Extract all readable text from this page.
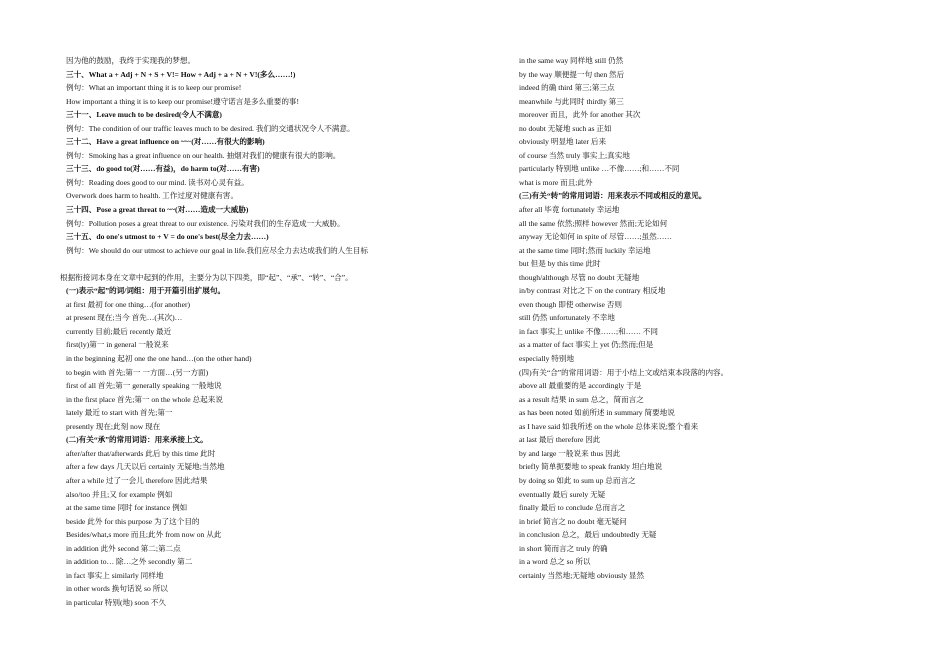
因为他的鼓励，我终于实现我的梦想。
三十、What a + Adj + N + S + V!= How + Adj + a + N + V!(多么……!)
例句：What an important thing it is to keep our promise!
How important a thing it is to keep our promise!遵守诺言是多么重要的事!
三十一、Leave much to be desired(令人不满意)
例句：The condition of our traffic leaves much to be desired. 我们的交通状况令人不满意。
三十二、Have a great influence on ~~·(对……有很大的影响)
例句：Smoking has a great influence on our health. 抽烟对我们的健康有很大的影响。
三十三、do good to(对……有益)，do harm to(对……有害)
例句：Reading does good to our mind. 读书对心灵有益。
Overwork does harm to health. 工作过度对健康有害。
三十四、Pose a great threat to ~~(对……造成一大威胁)
例句：Pollution poses a great threat to our existence. 污染对我们的生存造成一大威胁。
三十五、do one's utmost to + V = do one's best(尽全力去……)
例句：We should do our utmost to achieve our goal in life.我们应尽全力去达成我们的人生目标
根据衔接词本身在文章中起到的作用，主要分为以下四类，即“起”、“承”、“转”、“合”。
(一)表示“起”的词/词组：用于开篇引出扩展句。
at first 最初 for one thing…(for another)
at present 现在;当今 首先…(其次)…
currently 目前;最后 recently 最近
first(ly)第一 in general 一般说来
in the beginning 起初 one the one hand…(on the other hand)
to begin with 首先;第一 一方面…(另一方面)
first of all 首先;第一 generally speaking 一般地说
in the first place 首先;第一 on the whole 总起来说
lately 最近 to start with 首先;第一
presently 现在;此刻 now 现在
(二)有关“承”的常用词语：用来承接上文。
after/after that/afterwards 此后 by this time 此时
after a few days 几天以后 certainly 无疑地;当然地
after a while 过了一会儿 therefore 因此;结果
also/too 并且;又 for example 例如
at the same time 同时 for instance 例如
beside 此外 for this purpose 为了这个目的
Besides/what,s more 而且;此外 from now on 从此
in addition 此外 second 第二;第二点
in addition to… 除…之外 secondly 第二
in fact 事实上 similarly 同样地
in other words 换句话说 so 所以
in particular 特别(地) soon 不久
in the same way 同样地 still 仍然
by the way 顺便提一句 then 然后
indeed 的确 third 第三;第三点
meanwhile 与此同时 thirdly 第三
moreover 而且，此外 for another 其次
no doubt 无疑地 such as 正如
obviously 明显地 later 后来
of course 当然 truly 事实上;真实地
particularly 特别地 unlike …不像……;和……不同
what is more 而且;此外
(三)有关“转”的常用词语：用来表示不同或相反的意见。
after all 毕竟 fortunately 幸运地
all the same 依然;照样 however 然而;无论如何
anyway 无论如何 in spite of 尽管……;虽然……
at the same time 同时;然而 luckily 幸运地
but 但是 by this time 此时
though/although 尽管 no doubt 无疑地
in/by contrast 对比之下 on the contrary 相反地
even though 即使 otherwise 否则
still 仍然 unfortunately 不幸地
in fact 事实上 unlike 不像……;和…… 不同
as a matter of fact 事实上 yet 仍;然而;但是
especially 特别地
(四)有关“合”的常用词语：用于小结上文或结束本段落的内容。
above all 最重要的是 accordingly 于是
as a result 结果 in sum 总之，简而言之
as has been noted 如前所述 in summary 简要地说
as I have said 如我所述 on the whole 总体来说;整个看来
at last 最后 therefore 因此
by and large 一般说来 thus 因此
briefly 简单扼要地 to speak frankly 坦白地说
by doing so 如此 to sum up 总而言之
eventually 最后 surely 无疑
finally 最后 to conclude 总而言之
in brief 简言之 no doubt 毫无疑问
in conclusion 总之，最后 undoubtedly 无疑
in short 简而言之 truly 的确
in a word 总之 so 所以
certainly 当然地;无疑地 obviously 显然
